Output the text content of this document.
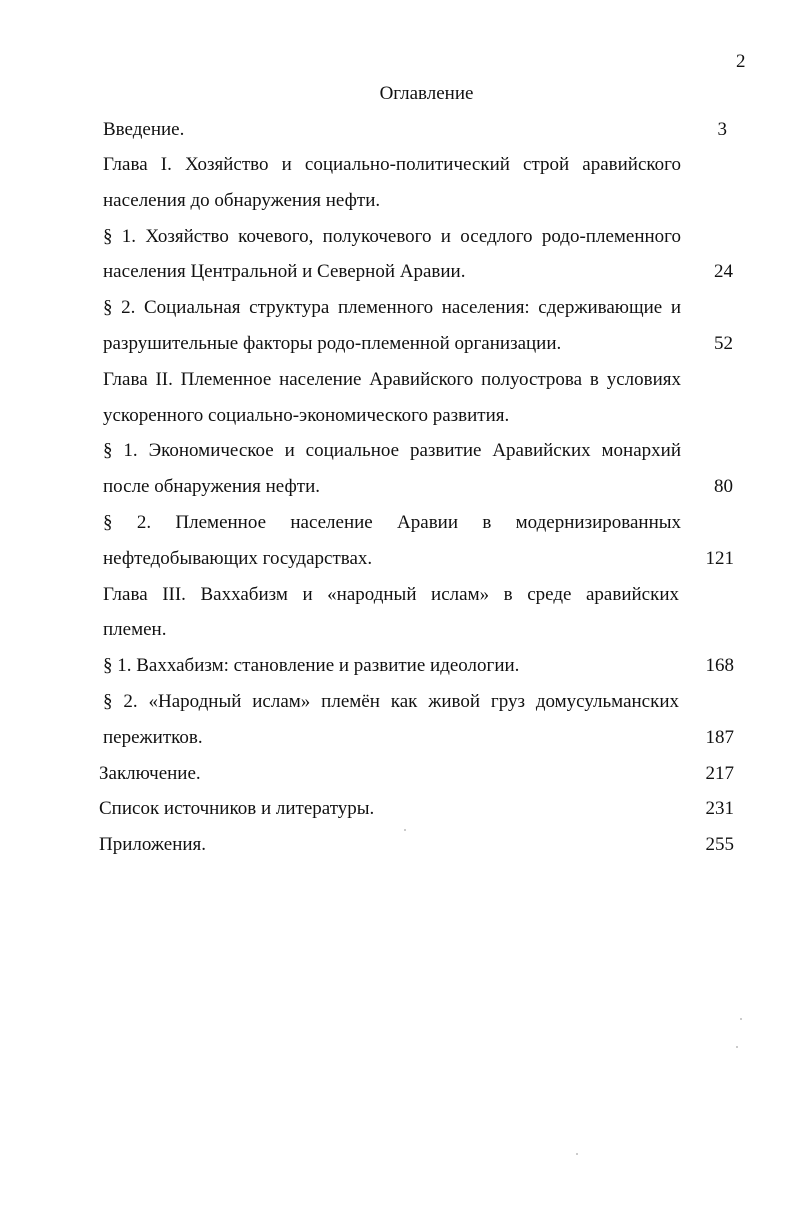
2
Оглавление
Введение.	3
Глава I. Хозяйство и социально-политический строй аравийского
населения до обнаружения нефти.
§ 1. Хозяйство кочевого, полукочевого и оседлого родо-племенного
населения Центральной и Северной Аравии.	24
§ 2. Социальная структура племенного населения: сдерживающие и
разрушительные факторы родо-племенной организации.	52
Глава II. Племенное население Аравийского полуострова в условиях
ускоренного социально-экономического развития.
§ 1. Экономическое и социальное развитие Аравийских монархий
после обнаружения нефти.	80
§ 2. Племенное население Аравии в модернизированных
нефтедобывающих государствах.	121
Глава III. Ваххабизм и «народный ислам» в среде аравийских
племен.
§ 1. Ваххабизм: становление и развитие идеологии.	168
§ 2. «Народный ислам» племён как живой груз домусульманских
пережитков.	187
Заключение.	217
Список источников и литературы.	231
Приложения.	255
